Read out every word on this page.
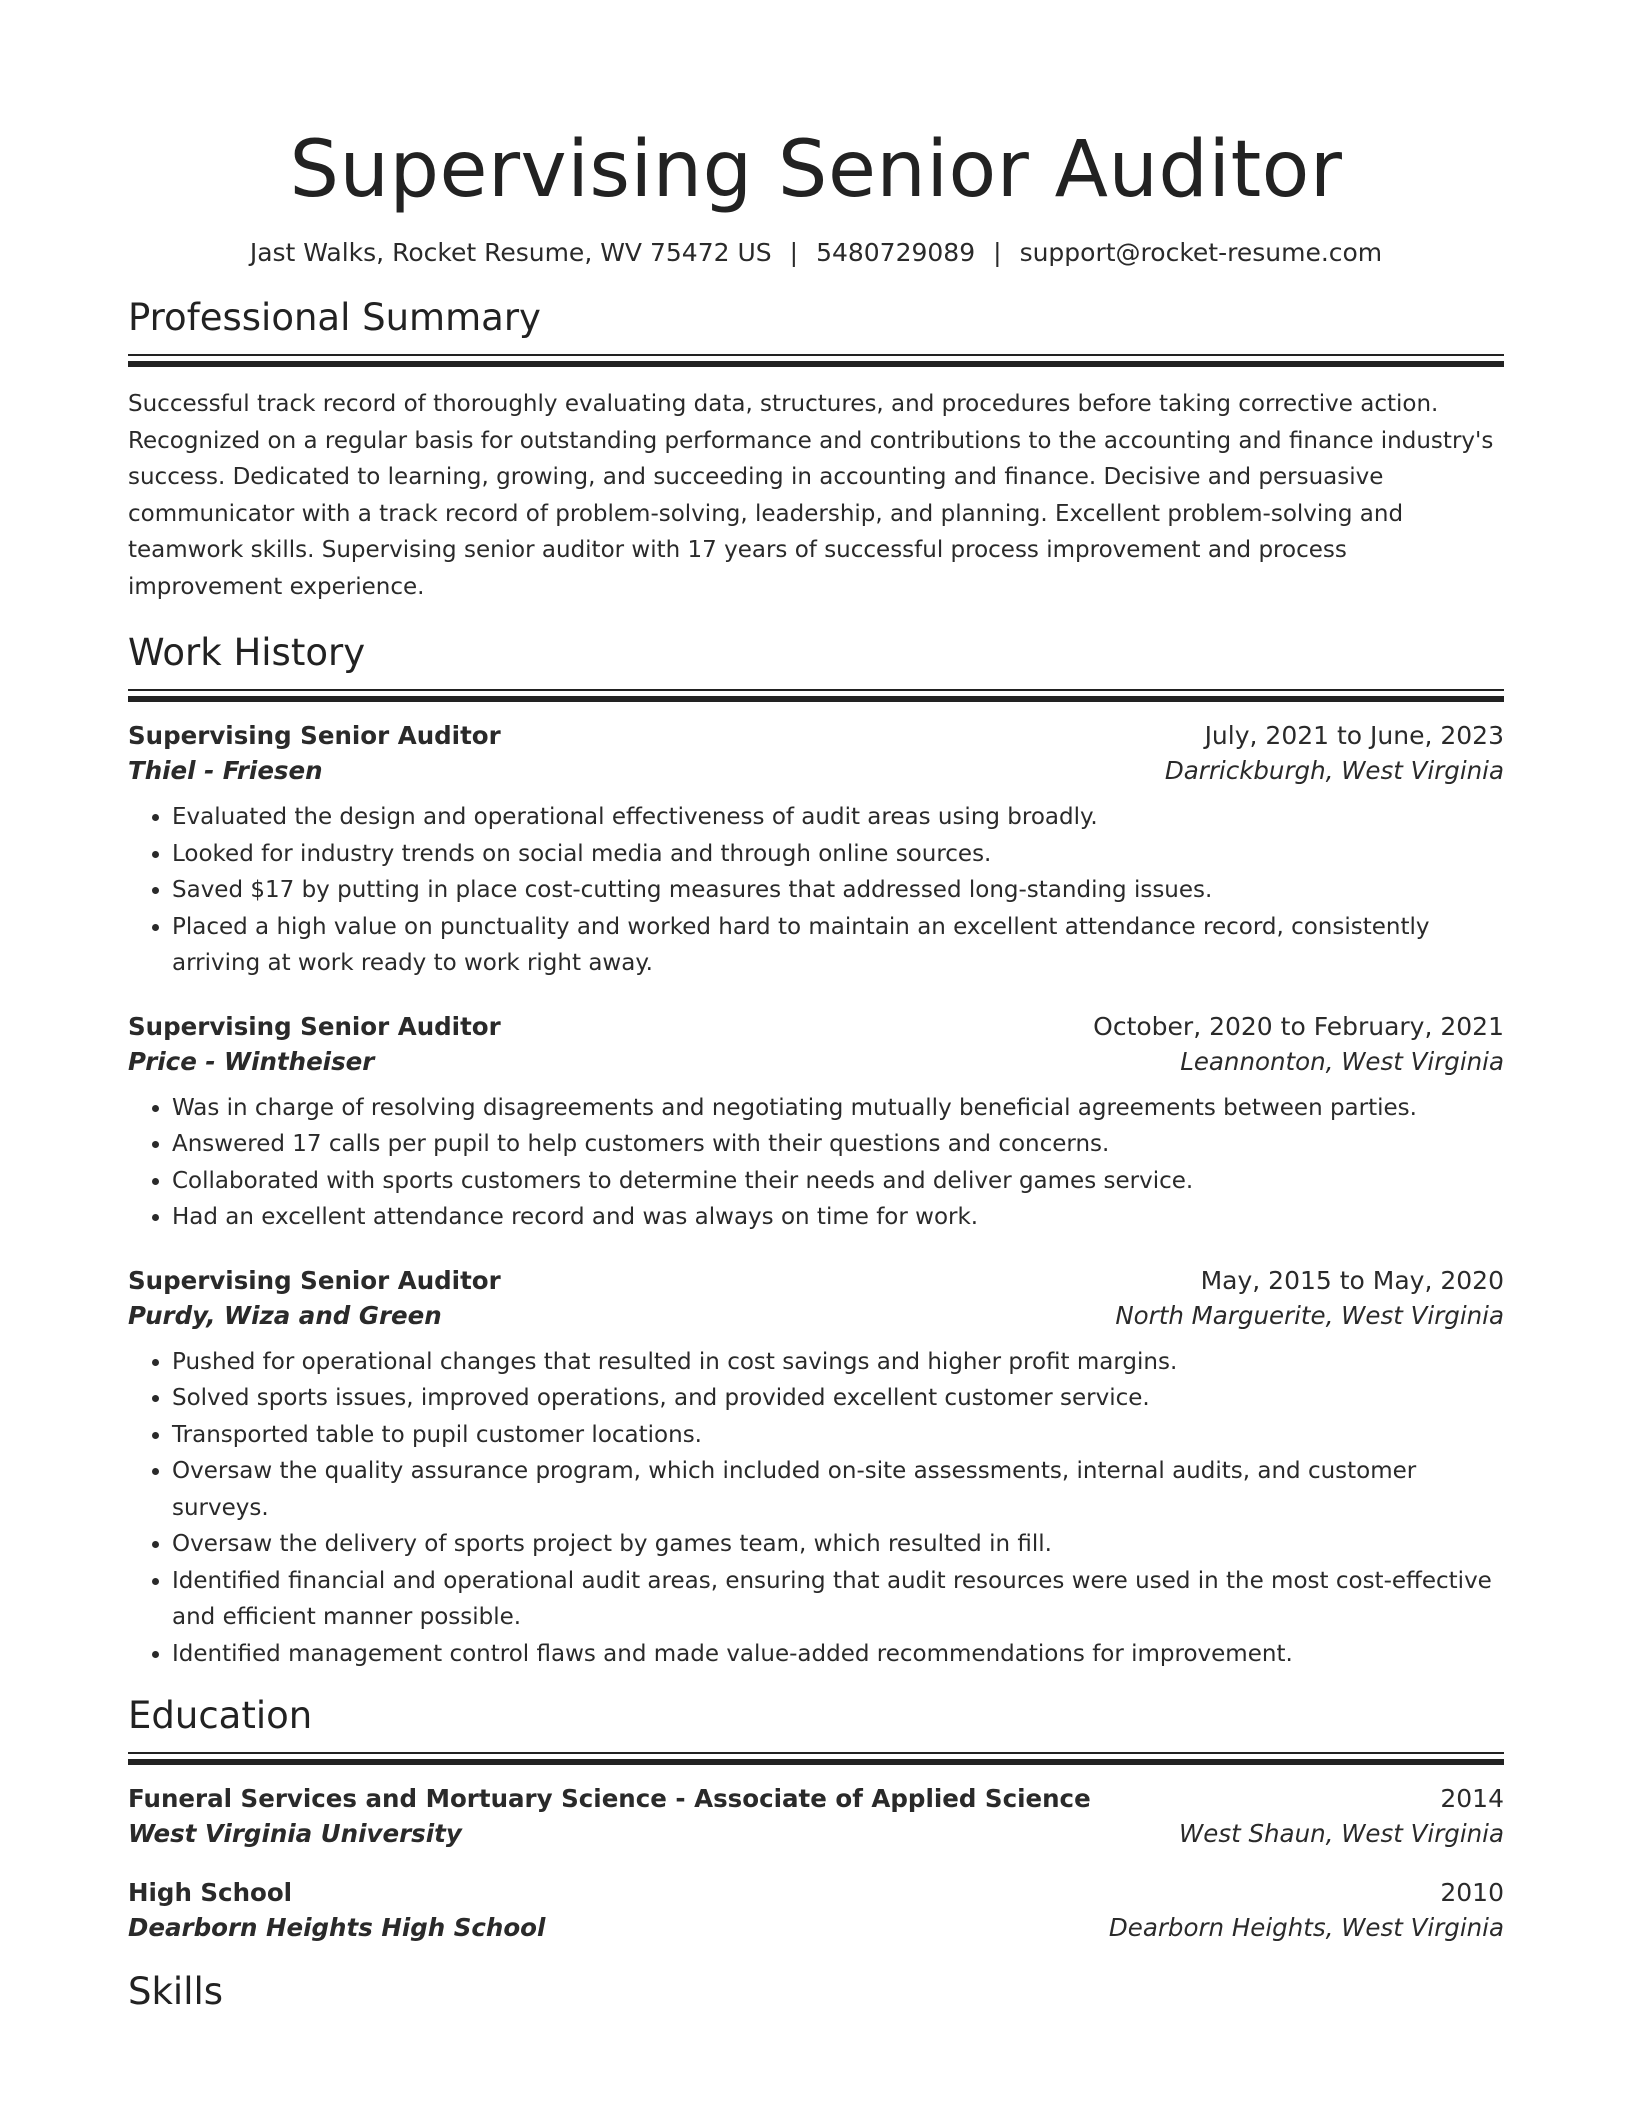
Supervising Senior Auditor
Jast Walks, Rocket Resume, WV 75472 US | 5480729089 | support@rocket-resume.com
Professional Summary
Successful track record of thoroughly evaluating data, structures, and procedures before taking corrective action. Recognized on a regular basis for outstanding performance and contributions to the accounting and finance industry's success. Dedicated to learning, growing, and succeeding in accounting and finance. Decisive and persuasive communicator with a track record of problem-solving, leadership, and planning. Excellent problem-solving and teamwork skills. Supervising senior auditor with 17 years of successful process improvement and process improvement experience.
Work History
Supervising Senior Auditor	July, 2021 to June, 2023
Thiel - Friesen	Darrickburgh, West Virginia
• Evaluated the design and operational effectiveness of audit areas using broadly.
• Looked for industry trends on social media and through online sources.
• Saved $17 by putting in place cost-cutting measures that addressed long-standing issues.
• Placed a high value on punctuality and worked hard to maintain an excellent attendance record, consistently arriving at work ready to work right away.
Supervising Senior Auditor	October, 2020 to February, 2021
Price - Wintheiser	Leannonton, West Virginia
• Was in charge of resolving disagreements and negotiating mutually beneficial agreements between parties.
• Answered 17 calls per pupil to help customers with their questions and concerns.
• Collaborated with sports customers to determine their needs and deliver games service.
• Had an excellent attendance record and was always on time for work.
Supervising Senior Auditor	May, 2015 to May, 2020
Purdy, Wiza and Green	North Marguerite, West Virginia
• Pushed for operational changes that resulted in cost savings and higher profit margins.
• Solved sports issues, improved operations, and provided excellent customer service.
• Transported table to pupil customer locations.
• Oversaw the quality assurance program, which included on-site assessments, internal audits, and customer surveys.
• Oversaw the delivery of sports project by games team, which resulted in fill.
• Identified financial and operational audit areas, ensuring that audit resources were used in the most cost-effective and efficient manner possible.
• Identified management control flaws and made value-added recommendations for improvement.
Education
Funeral Services and Mortuary Science - Associate of Applied Science	2014
West Virginia University	West Shaun, West Virginia
High School	2010
Dearborn Heights High School	Dearborn Heights, West Virginia
Skills
